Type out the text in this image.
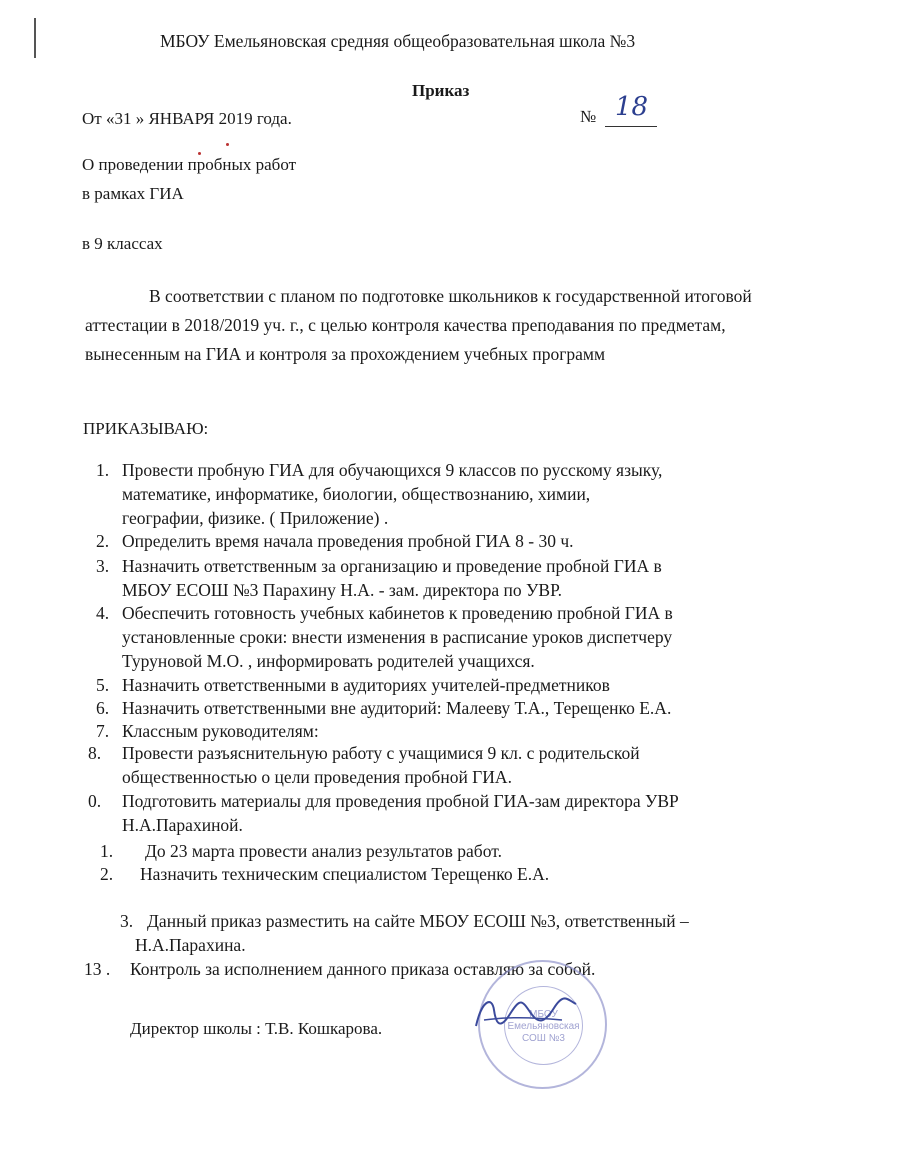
МБОУ Емельяновская средняя общеобразовательная школа №3
Приказ
От «31 » ЯНВАРЯ 2019 года.	№ 18
О проведении пробных работ
в рамках ГИА
в 9 классах
В соответствии с планом по подготовке школьников к государственной итоговой аттестации в 2018/2019 уч. г., с целью контроля качества преподавания по предметам, вынесенным на ГИА и контроля за прохождением учебных программ
ПРИКАЗЫВАЮ:
1. Провести пробную ГИА для обучающихся 9 классов по русскому языку,
математике, информатике, биологии, обществознанию, химии,
географии, физике. ( Приложение) .
2. Определить время начала проведения пробной ГИА 8 - 30 ч.
3. Назначить ответственным за организацию и проведение пробной ГИА в
МБОУ ЕСОШ №3 Парахину Н.А. - зам. директора по УВР.
4. Обеспечить готовность учебных кабинетов к проведению пробной ГИА в
установленные сроки: внести изменения в расписание уроков диспетчеру
Туруновой М.О. , информировать родителей учащихся.
5. Назначить ответственными в аудиториях учителей-предметников
6. Назначить ответственными вне аудиторий: Малееву Т.А., Терещенко Е.А.
7. Классным руководителям:
8. Провести разъяснительную работу с учащимися 9 кл. с родительской
общественностью о цели проведения пробной ГИА.
0. Подготовить материалы для проведения пробной ГИА-зам директора УВР
Н.А.Парахиной.
1. До 23 марта провести анализ результатов работ.
2. Назначить техническим специалистом Терещенко Е.А.
3. Данный приказ разместить на сайте МБОУ ЕСОШ №3, ответственный –
Н.А.Парахина.
13 . Контроль за исполнением данного приказа оставляю за собой.
Директор школы : Т.В. Кошкарова.
МБОУ
Емельяновская
СОШ №3
